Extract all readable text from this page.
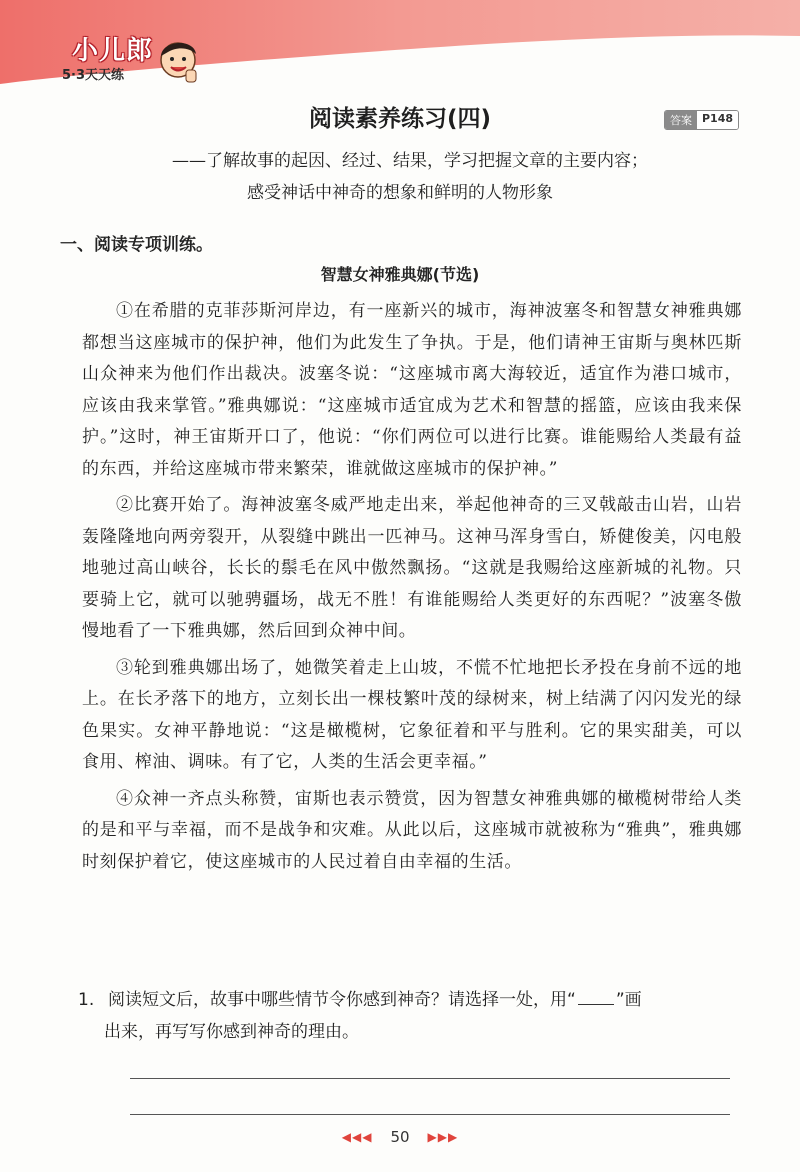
小儿郎
5·3天天练
阅读素养练习(四)	答案 P148
——了解故事的起因、经过、结果，学习把握文章的主要内容；
感受神话中神奇的想象和鲜明的人物形象
一、阅读专项训练。
智慧女神雅典娜(节选)

①在希腊的克菲莎斯河岸边，有一座新兴的城市，海神波塞冬和智慧女神雅典娜都想当这座城市的保护神，他们为此发生了争执。于是，他们请神王宙斯与奥林匹斯山众神来为他们作出裁决。波塞冬说：“这座城市离大海较近，适宜作为港口城市，应该由我来掌管。”雅典娜说：“这座城市适宜成为艺术和智慧的摇篮，应该由我来保护。”这时，神王宙斯开口了，他说：“你们两位可以进行比赛。谁能赐给人类最有益的东西，并给这座城市带来繁荣，谁就做这座城市的保护神。”

②比赛开始了。海神波塞冬威严地走出来，举起他神奇的三叉戟敲击山岩，山岩轰隆隆地向两旁裂开，从裂缝中跳出一匹神马。这神马浑身雪白，矫健俊美，闪电般地驰过高山峡谷，长长的鬃毛在风中傲然飘扬。“这就是我赐给这座新城的礼物。只要骑上它，就可以驰骋疆场，战无不胜！有谁能赐给人类更好的东西呢？”波塞冬傲慢地看了一下雅典娜，然后回到众神中间。

③轮到雅典娜出场了，她微笑着走上山坡，不慌不忙地把长矛投在身前不远的地上。在长矛落下的地方，立刻长出一棵枝繁叶茂的绿树来，树上结满了闪闪发光的绿色果实。女神平静地说：“这是橄榄树，它象征着和平与胜利。它的果实甜美，可以食用、榨油、调味。有了它，人类的生活会更幸福。”

④众神一齐点头称赞，宙斯也表示赞赏，因为智慧女神雅典娜的橄榄树带给人类的是和平与幸福，而不是战争和灾难。从此以后，这座城市就被称为“雅典”，雅典娜时刻保护着它，使这座城市的人民过着自由幸福的生活。

1. 阅读短文后，故事中哪些情节令你感到神奇？请选择一处，用“ ”画
出来，再写写你感到神奇的理由。
◀◀◀ 50 ▶▶▶
